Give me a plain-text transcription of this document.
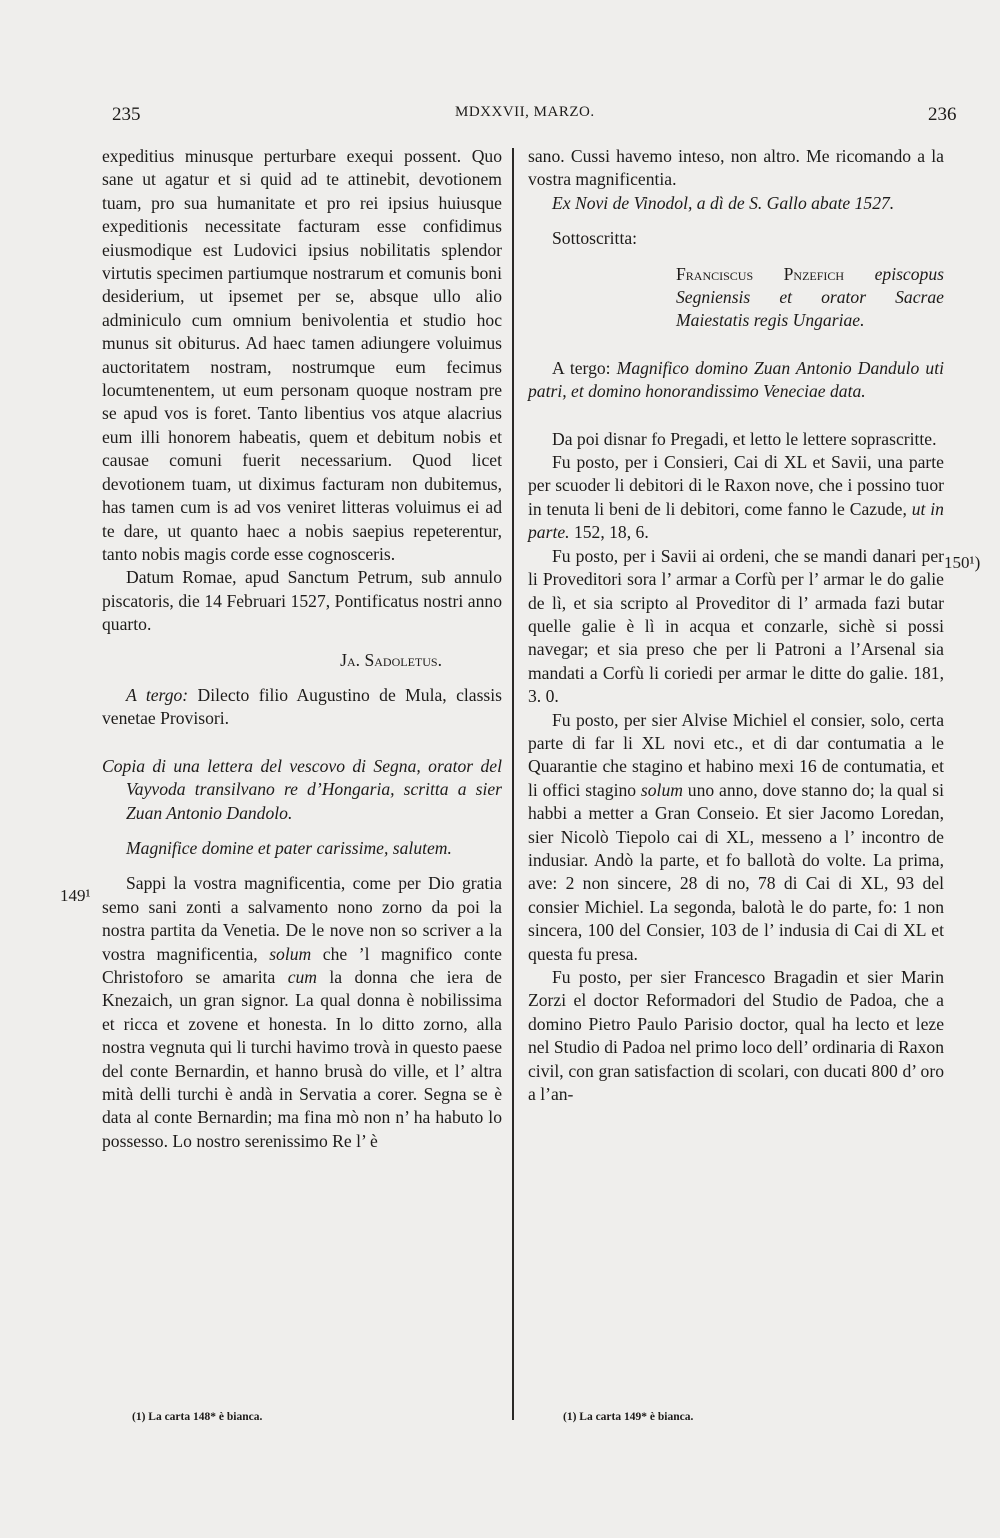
235	MDXXVII, MARZO.	236
149¹
150¹)

expeditius minusque perturbare exequi possent. Quo sane ut agatur et si quid ad te attinebit, devotionem tuam, pro sua humanitate et pro rei ipsius huiusque expeditionis necessitate facturam esse confidimus eiusmodique est Ludovici ipsius nobilitatis splendor virtutis specimen partiumque nostrarum et comunis boni desiderium, ut ipsemet per se, absque ullo alio adminiculo cum omnium benivolentia et studio hoc munus sit obiturus. Ad haec tamen adiungere voluimus auctoritatem nostram, nostrumque eum fecimus locumtenentem, ut eum personam quoque nostram pre se apud vos is foret. Tanto libentius vos atque alacrius eum illi honorem habeatis, quem et debitum nobis et causae comuni fuerit necessarium. Quod licet devotionem tuam, ut diximus facturam non dubitemus, has tamen cum is ad vos veniret litteras voluimus ei ad te dare, ut quanto haec a nobis saepius repeterentur, tanto nobis magis corde esse cognosceris.

Datum Romae, apud Sanctum Petrum, sub annulo piscatoris, die 14 Februari 1527, Pontificatus nostri anno quarto.

Ja. Sadoletus.

A tergo: Dilecto filio Augustino de Mula, classis venetae Provisori.

Copia di una lettera del vescovo di Segna, orator del Vayvoda transilvano re d’Hongaria, scritta a sier Zuan Antonio Dandolo.

Magnifice domine et pater carissime, salutem.

Sappi la vostra magnificentia, come per Dio gratia semo sani zonti a salvamento nono zorno da poi la nostra partita da Venetia. De le nove non so scriver a la vostra magnificentia, solum che ’l magnifico conte Christoforo se amarita cum la donna che iera de Knezaich, un gran signor. La qual donna è nobilissima et ricca et zovene et honesta. In lo ditto zorno, alla nostra vegnuta qui li turchi havimo trovà in questo paese del conte Bernardin, et hanno brusà do ville, et l’ altra mità delli turchi è andà in Servatia a corer. Segna se è data al conte Bernardin; ma fina mò non n’ ha habuto lo possesso. Lo nostro serenissimo Re l’ è

sano. Cussi havemo inteso, non altro. Me ricomando a la vostra magnificentia.

Ex Novi de Vinodol, a dì de S. Gallo abate 1527.

Sottoscritta:

Franciscus Pnzefich episcopus Segniensis et orator Sacrae Maiestatis regis Ungariae.

A tergo: Magnifico domino Zuan Antonio Dandulo uti patri, et domino honorandissimo Veneciae data.

Da poi disnar fo Pregadi, et letto le lettere soprascritte.

Fu posto, per i Consieri, Cai di XL et Savii, una parte per scuoder li debitori di le Raxon nove, che i possino tuor in tenuta li beni de li debitori, come fanno le Cazude, ut in parte. 152, 18, 6.

Fu posto, per i Savii ai ordeni, che se mandi danari per li Proveditori sora l’ armar a Corfù per l’ armar le do galie de lì, et sia scripto al Proveditor di l’ armada fazi butar quelle galie è lì in acqua et conzarle, sichè si possi navegar; et sia preso che per li Patroni a l’Arsenal sia mandati a Corfù li coriedi per armar le ditte do galie. 181, 3. 0.

Fu posto, per sier Alvise Michiel el consier, solo, certa parte di far li XL novi etc., et di dar contumatia a le Quarantie che stagino et habino mexi 16 de contumatia, et li offici stagino solum uno anno, dove stanno do; la qual si habbi a metter a Gran Conseio. Et sier Jacomo Loredan, sier Nicolò Tiepolo cai di XL, messeno a l’ incontro de indusiar. Andò la parte, et fo ballotà do volte. La prima, ave: 2 non sincere, 28 di no, 78 di Cai di XL, 93 del consier Michiel. La segonda, balotà le do parte, fo: 1 non sincera, 100 del Consier, 103 de l’ indusia di Cai di XL et questa fu presa.

Fu posto, per sier Francesco Bragadin et sier Marin Zorzi el doctor Reformadori del Studio de Padoa, che a domino Pietro Paulo Parisio doctor, qual ha lecto et leze nel Studio di Padoa nel primo loco dell’ ordinaria di Raxon civil, con gran satisfaction di scolari, con ducati 800 d’ oro a l’an-

(1) La carta 148* è bianca.	(1) La carta 149* è bianca.
